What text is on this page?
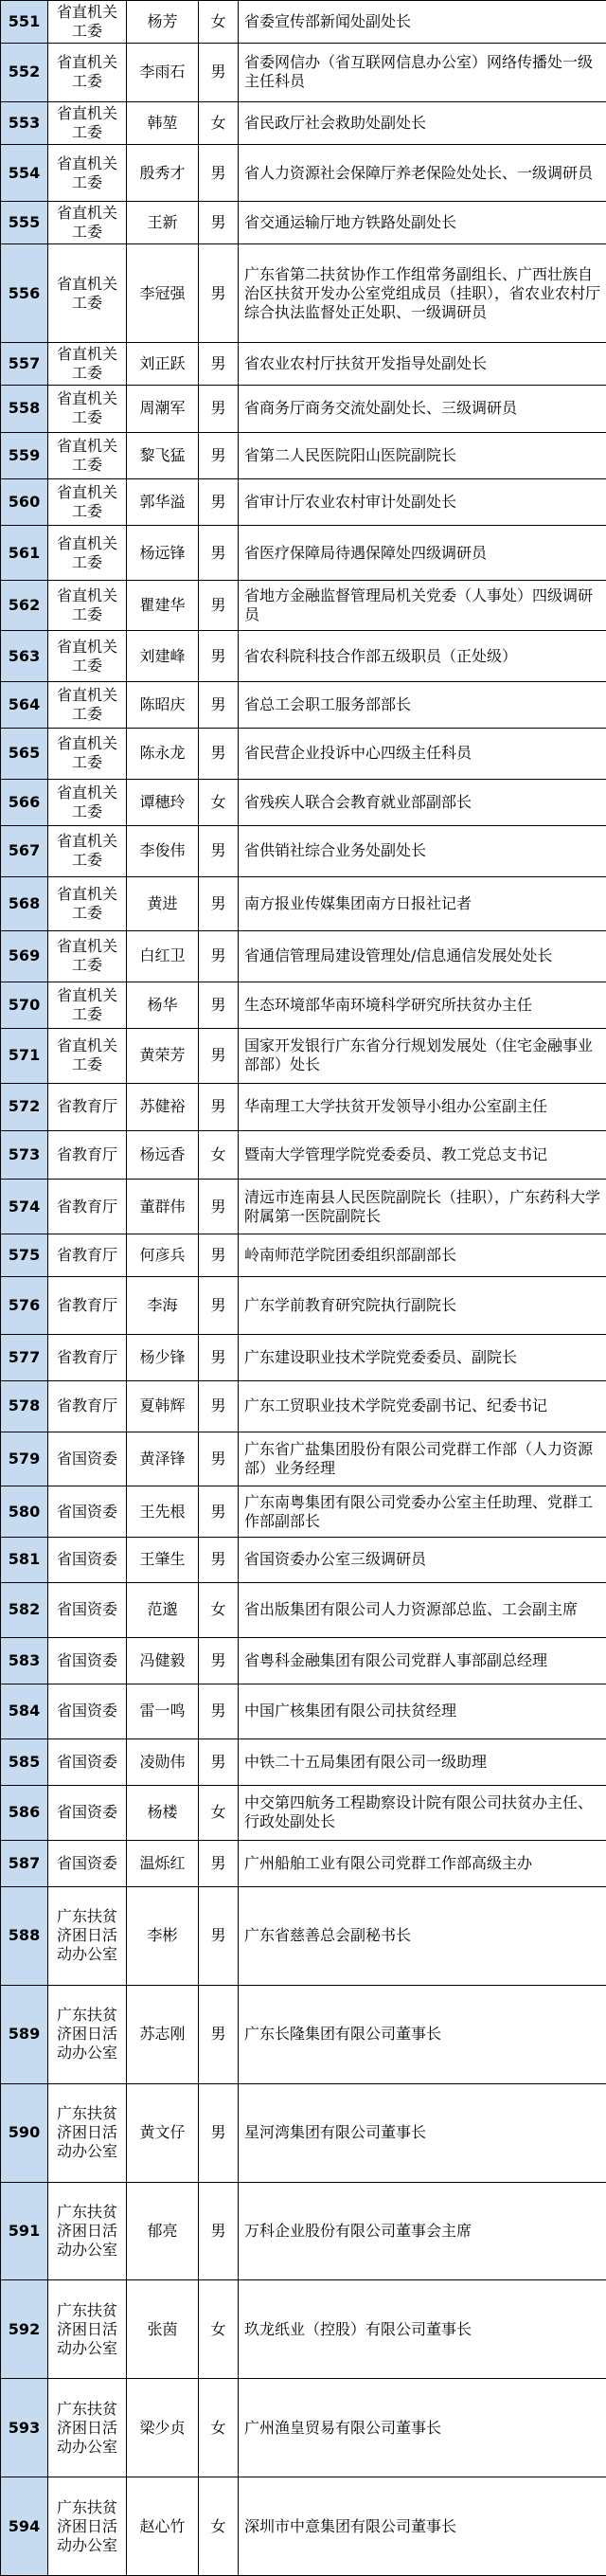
551	省直机关工委	杨芳	女	省委宣传部新闻处副处长
552	省直机关工委	李雨石	男	省委网信办（省互联网信息办公室）网络传播处一级主任科员
553	省直机关工委	韩堃	女	省民政厅社会救助处副处长
554	省直机关工委	殷秀才	男	省人力资源社会保障厅养老保险处处长、一级调研员
555	省直机关工委	王新	男	省交通运输厅地方铁路处副处长
556	省直机关工委	李冠强	男	广东省第二扶贫协作工作组常务副组长、广西壮族自治区扶贫开发办公室党组成员（挂职），省农业农村厅综合执法监督处正处职、一级调研员
557	省直机关工委	刘正跃	男	省农业农村厅扶贫开发指导处副处长
558	省直机关工委	周潮军	男	省商务厅商务交流处副处长、三级调研员
559	省直机关工委	黎飞猛	男	省第二人民医院阳山医院副院长
560	省直机关工委	郭华溢	男	省审计厅农业农村审计处副处长
561	省直机关工委	杨远锋	男	省医疗保障局待遇保障处四级调研员
562	省直机关工委	瞿建华	男	省地方金融监督管理局机关党委（人事处）四级调研员
563	省直机关工委	刘建峰	男	省农科院科技合作部五级职员（正处级）
564	省直机关工委	陈昭庆	男	省总工会职工服务部部长
565	省直机关工委	陈永龙	男	省民营企业投诉中心四级主任科员
566	省直机关工委	谭穗玲	女	省残疾人联合会教育就业部副部长
567	省直机关工委	李俊伟	男	省供销社综合业务处副处长
568	省直机关工委	黄进	男	南方报业传媒集团南方日报社记者
569	省直机关工委	白红卫	男	省通信管理局建设管理处/信息通信发展处处长
570	省直机关工委	杨华	男	生态环境部华南环境科学研究所扶贫办主任
571	省直机关工委	黄荣芳	男	国家开发银行广东省分行规划发展处（住宅金融事业部部）处长
572	省教育厅	苏健裕	男	华南理工大学扶贫开发领导小组办公室副主任
573	省教育厅	杨远香	女	暨南大学管理学院党委委员、教工党总支书记
574	省教育厅	董群伟	男	清远市连南县人民医院副院长（挂职），广东药科大学附属第一医院副院长
575	省教育厅	何彦兵	男	岭南师范学院团委组织部副部长
576	省教育厅	李海	男	广东学前教育研究院执行副院长
577	省教育厅	杨少锋	男	广东建设职业技术学院党委委员、副院长
578	省教育厅	夏韩辉	男	广东工贸职业技术学院党委副书记、纪委书记
579	省国资委	黄泽锋	男	广东省广盐集团股份有限公司党群工作部（人力资源部）业务经理
580	省国资委	王先根	男	广东南粤集团有限公司党委办公室主任助理、党群工作部副部长
581	省国资委	王肇生	男	省国资委办公室三级调研员
582	省国资委	范邈	女	省出版集团有限公司人力资源部总监、工会副主席
583	省国资委	冯健毅	男	省粤科金融集团有限公司党群人事部副总经理
584	省国资委	雷一鸣	男	中国广核集团有限公司扶贫经理
585	省国资委	凌勋伟	男	中铁二十五局集团有限公司一级助理
586	省国资委	杨楼	女	中交第四航务工程勘察设计院有限公司扶贫办主任、行政处副处长
587	省国资委	温烁红	男	广州船舶工业有限公司党群工作部高级主办
588	广东扶贫济困日活动办公室	李彬	男	广东省慈善总会副秘书长
589	广东扶贫济困日活动办公室	苏志刚	男	广东长隆集团有限公司董事长
590	广东扶贫济困日活动办公室	黄文仔	男	星河湾集团有限公司董事长
591	广东扶贫济困日活动办公室	郁亮	男	万科企业股份有限公司董事会主席
592	广东扶贫济困日活动办公室	张茵	女	玖龙纸业（控股）有限公司董事长
593	广东扶贫济困日活动办公室	梁少贞	女	广州渔皇贸易有限公司董事长
594	广东扶贫济困日活动办公室	赵心竹	女	深圳市中意集团有限公司董事长
